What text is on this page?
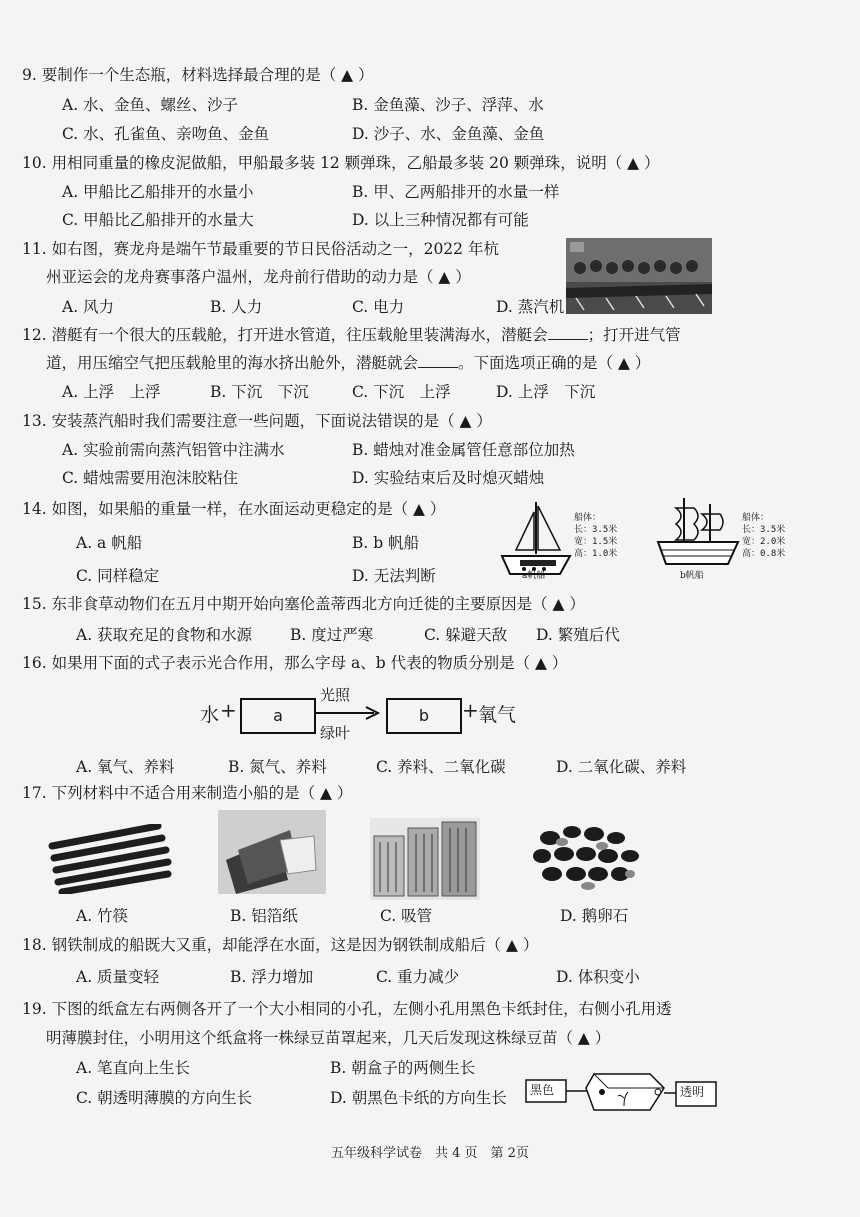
9. 要制作一个生态瓶，材料选择最合理的是（ ▲ ）
A. 水、金鱼、螺丝、沙子	B. 金鱼藻、沙子、浮萍、水
C. 水、孔雀鱼、亲吻鱼、金鱼	D. 沙子、水、金鱼藻、金鱼
10. 用相同重量的橡皮泥做船，甲船最多装 12 颗弹珠，乙船最多装 20 颗弹珠，说明（ ▲ ）
A. 甲船比乙船排开的水量小	B. 甲、乙两船排开的水量一样
C. 甲船比乙船排开的水量大	D. 以上三种情况都有可能
11. 如右图，赛龙舟是端午节最重要的节日民俗活动之一，2022 年杭
州亚运会的龙舟赛事落户温州，龙舟前行借助的动力是（ ▲ ）
A. 风力	B. 人力	C. 电力	D. 蒸汽机
12. 潜艇有一个很大的压载舱，打开进水管道，往压载舱里装满海水，潜艇会	；打开进气管
道，用压缩空气把压载舱里的海水挤出舱外，潜艇就会	。下面选项正确的是（ ▲ ）
A. 上浮　上浮	B. 下沉　下沉	C. 下沉　上浮	D. 上浮　下沉
13. 安装蒸汽船时我们需要注意一些问题，下面说法错误的是（ ▲ ）
A. 实验前需向蒸汽铝管中注满水	B. 蜡烛对准金属管任意部位加热
C. 蜡烛需要用泡沫胶粘住	D. 实验结束后及时熄灭蜡烛
14. 如图，如果船的重量一样，在水面运动更稳定的是（ ▲ ）
A. a 帆船	B. b 帆船
C. 同样稳定	D. 无法判断	a帆船
船体：
长：3.5米
宽：1.5米
高：1.0米
b帆船
船体：
长：3.5米
宽：2.0米
高：0.8米
15. 东非食草动物们在五月中期开始向塞伦盖蒂西北方向迁徙的主要原因是（ ▲ ）
A. 获取充足的食物和水源 B. 度过严寒	C. 躲避天敌 D. 繁殖后代
16. 如果用下面的式子表示光合作用，那么字母 a、b 代表的物质分别是（ ▲ ）
水 +	a
光照
绿叶
b	+ 氧气
A. 氧气、养料	B. 氮气、养料	C. 养料、二氧化碳	D. 二氧化碳、养料
17. 下列材料中不适合用来制造小船的是（ ▲ ）
A. 竹筷	B. 铝箔纸	C. 吸管	D. 鹅卵石
18. 钢铁制成的船既大又重，却能浮在水面，这是因为钢铁制成船后（ ▲ ）
A. 质量变轻	B. 浮力增加	C. 重力减少	D. 体积变小
19. 下图的纸盒左右两侧各开了一个大小相同的小孔，左侧小孔用黑色卡纸封住，右侧小孔用透
明薄膜封住，小明用这个纸盒将一株绿豆苗罩起来，几天后发现这株绿豆苗（ ▲ ）
A. 笔直向上生长	B. 朝盒子的两侧生长
C. 朝透明薄膜的方向生长	D. 朝黑色卡纸的方向生长 黑色	透明
五年级科学试卷　共 4 页　第 2页
